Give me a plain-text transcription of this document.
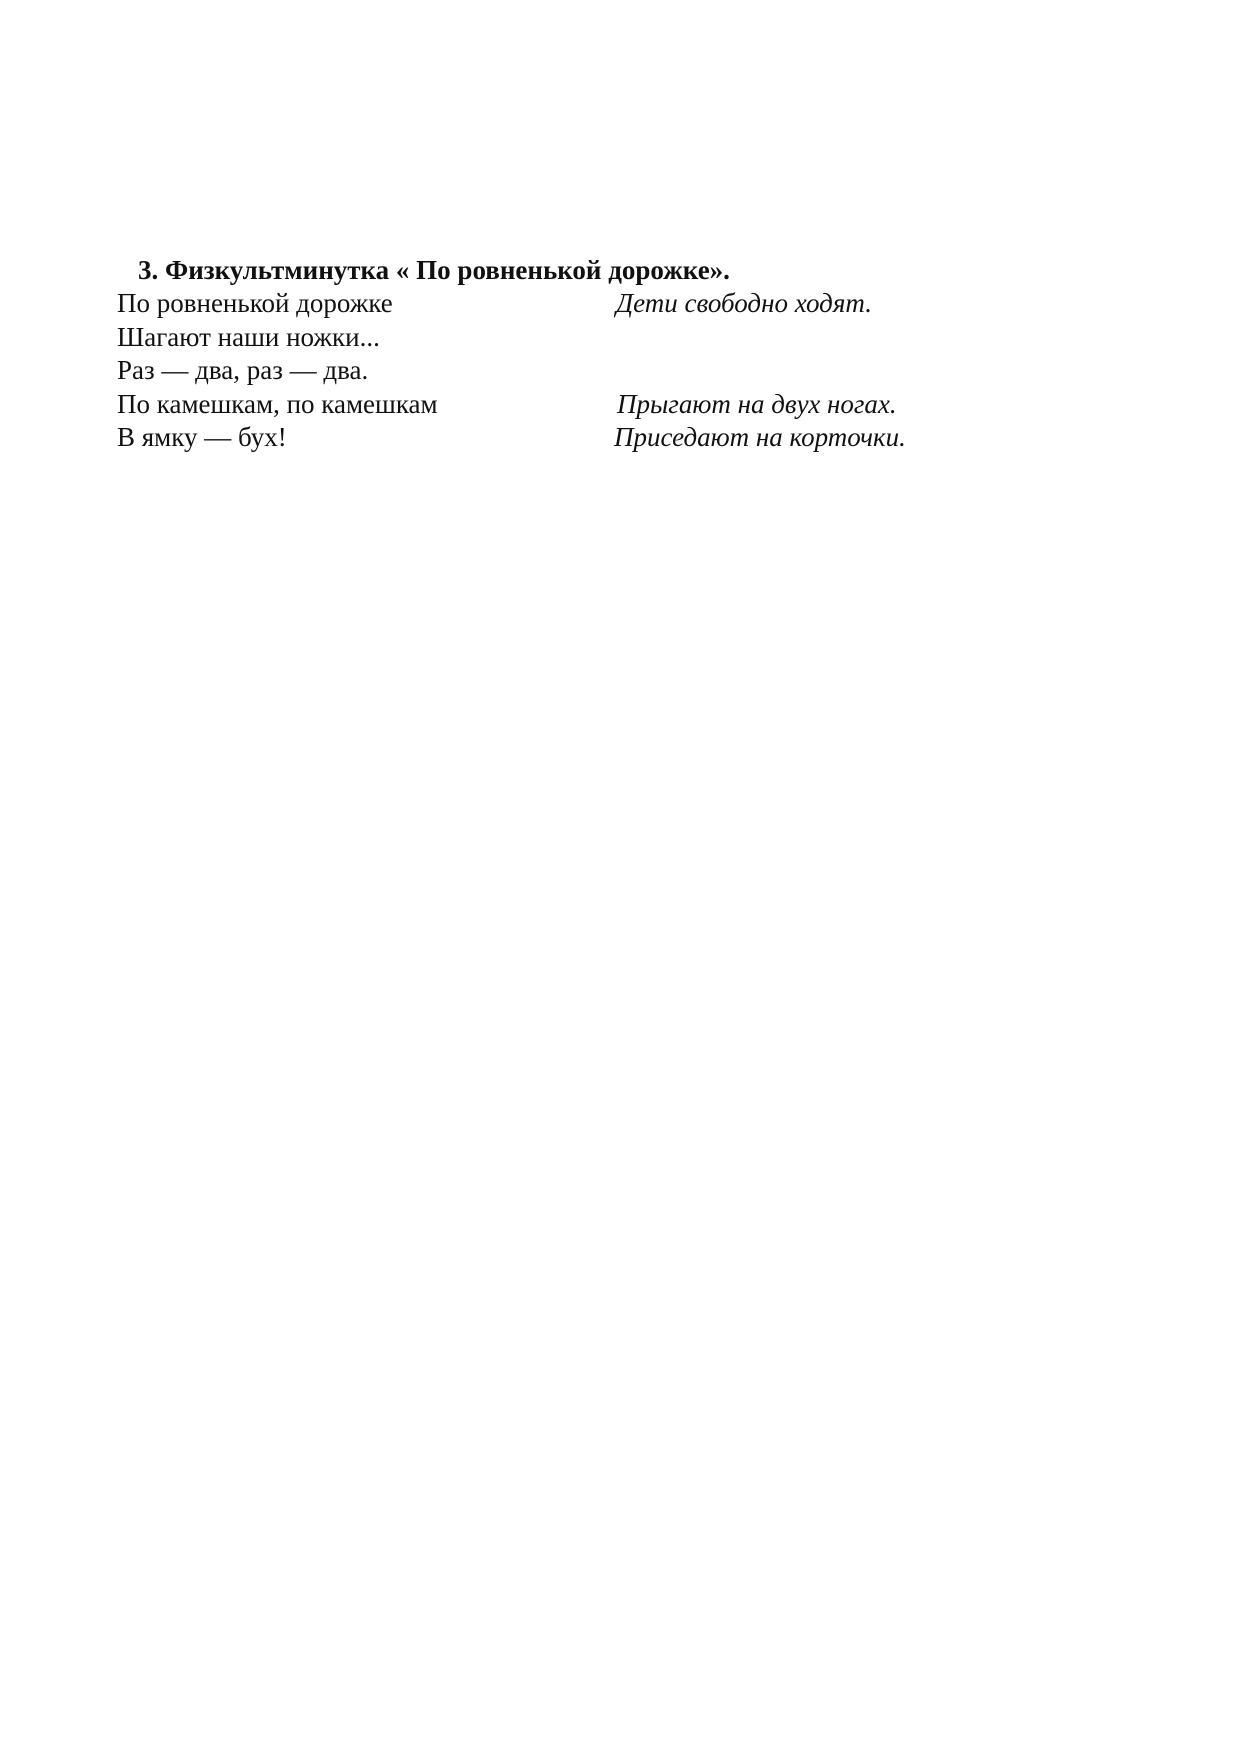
3. Физкультминутка « По ровненькой дорожке».
По ровненькой дорожке	Дети свободно ходят.
Шагают наши ножки...
Раз — два, раз — два.
По камешкам, по камешкам	Прыгают на двух ногах.
В ямку — бух!	Приседают на корточки.
